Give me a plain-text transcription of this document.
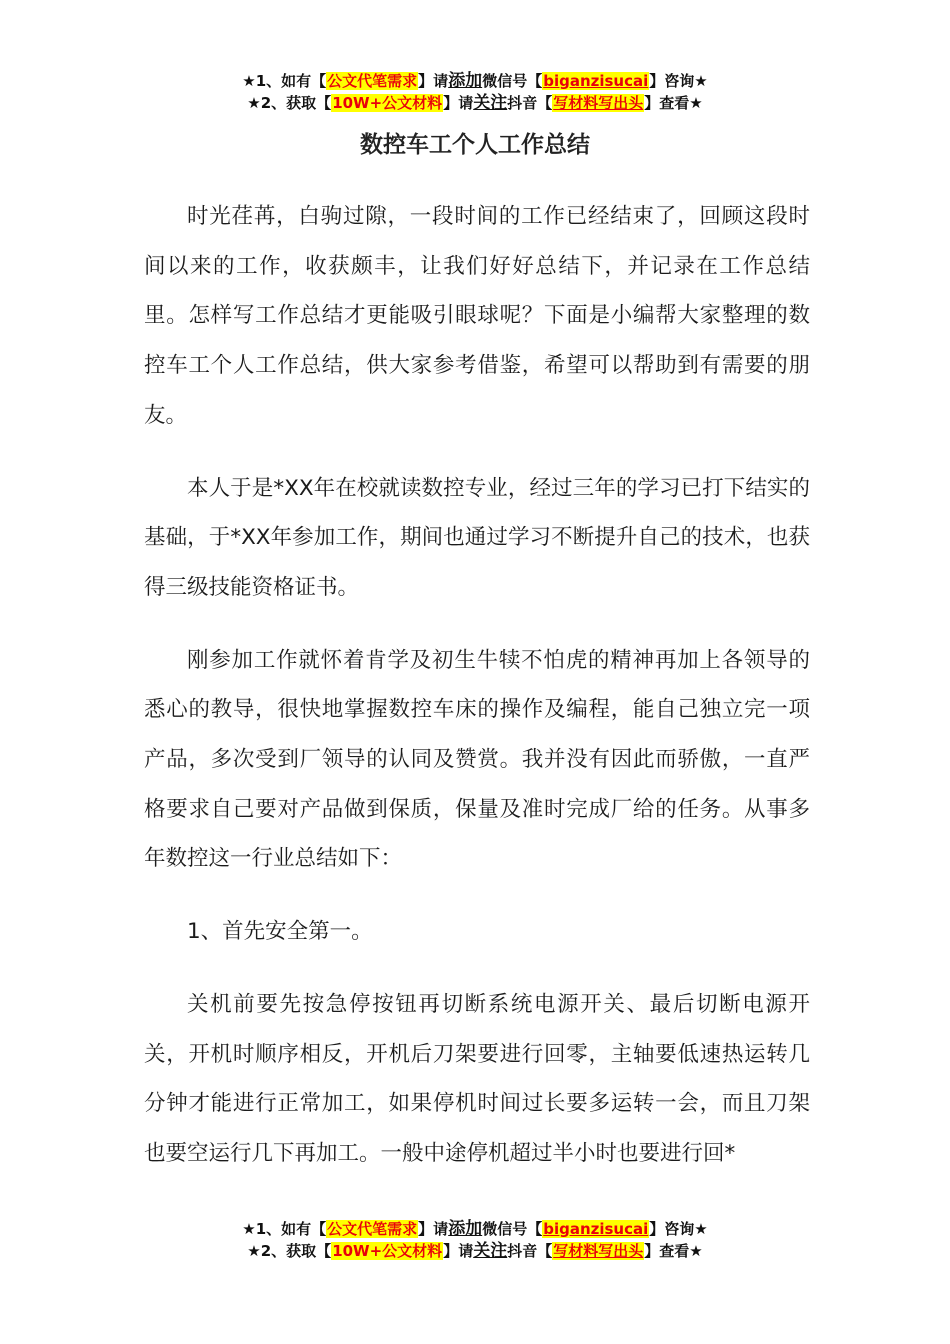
★1、如有【公文代笔需求】请添加微信号【biganzisucai】咨询★
★2、获取【10W+公文材料】请关注抖音【写材料写出头】查看★
数控车工个人工作总结

时光荏苒，白驹过隙，一段时间的工作已经结束了，回顾这段时间以来的工作，收获颇丰，让我们好好总结下，并记录在工作总结里。怎样写工作总结才更能吸引眼球呢？下面是小编帮大家整理的数控车工个人工作总结，供大家参考借鉴，希望可以帮助到有需要的朋友。

本人于是*XX年在校就读数控专业，经过三年的学习已打下结实的基础，于*XX年参加工作，期间也通过学习不断提升自己的技术，也获得三级技能资格证书。

刚参加工作就怀着肯学及初生牛犊不怕虎的精神再加上各领导的悉心的教导，很快地掌握数控车床的操作及编程，能自己独立完一项产品，多次受到厂领导的认同及赞赏。我并没有因此而骄傲，一直严格要求自己要对产品做到保质，保量及准时完成厂给的任务。从事多年数控这一行业总结如下：

1、首先安全第一。

关机前要先按急停按钮再切断系统电源开关、最后切断电源开关，开机时顺序相反，开机后刀架要进行回零，主轴要低速热运转几分钟才能进行正常加工，如果停机时间过长要多运转一会，而且刀架也要空运行几下再加工。一般中途停机超过半小时也要进行回*

★1、如有【公文代笔需求】请添加微信号【biganzisucai】咨询★
★2、获取【10W+公文材料】请关注抖音【写材料写出头】查看★
